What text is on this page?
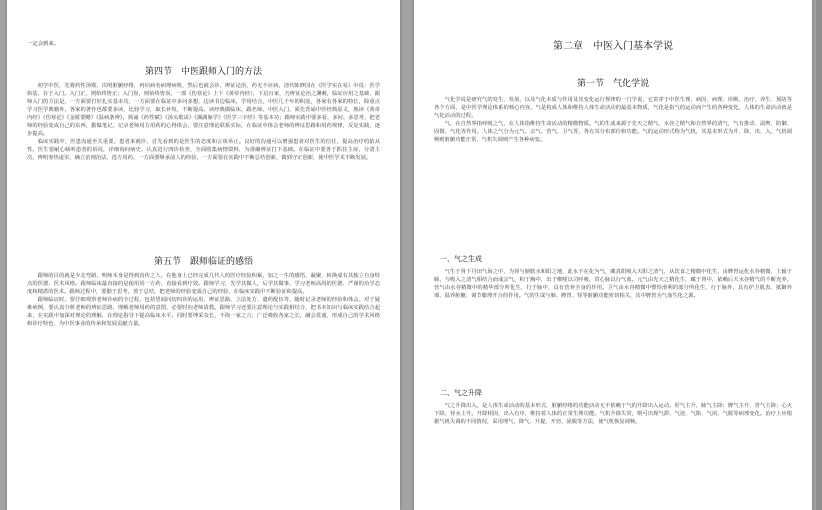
一定会到来。
第四节　中医跟师入门的方法

初学中医，先将药性汤歌、次明脏腑经络，再识病名病理病机，然后也就会诊，辨证论治，药无不应病。清代陈修园在《医学实在易》中说：医学始基，在于入门。入门正，则始终皆正；入门误，则始终皆误。一部《伤寒论》上下《黄帝内经》，下启百家，乃辨证论治之渊薮，临证应用之基础，跟师入门的方法是，一方面要打好扎实基本功，一方面要在临证中多问多想，边读书边临床，学用结合。中医几千年的积淀，各家有各家的特长，除重点学习医学典籍外，各家的著作也都要多读，比较学习，取长补短，不断提高。读经典做临床，跟名师。中医入门，须先背诵中医经典原文，熟读《黄帝内经》《伤寒论》《金匮要略》《温病条辨》，熟诵《药性赋》《汤头歌诀》《濒湖脉学》《医学三字经》等基本功；跟师实践中要多看、多问、多思考，把老师的经验变成自己的东西，勤做笔记，记录老师用方用药的心得体会，要注意理论联系实际，在临证中体会老师的辨证思路和用药规律，反复实践，逐步提高。

临床实践中，医患沟通至关重要。患者来就诊，首先看到的是医生的态度和言谈举止。良好的沟通可以增强患者对医生的信任，提高治疗的依从性。医生要耐心倾听患者的诉说，详细询问病史，认真进行四诊检查，全面收集病情资料，为准确辨证打下基础。在临证中要善于抓住主症，分清主次，辨明寒热虚实，确立治则治法，选方用药。一方面要继承前人的经验，一方面要在实践中不断总结创新，做到守正创新，使中医学术不断发展。

第五节　跟师临证的感悟

跟师的目的就是少走弯路，明师本身是得到真传之人，在他身上已经完成几代人的医疗经验积累，加之一生的感悟，凝聚、转换成有其独立自身特点的医德、医术风格。跟师临床最直接的是使用同一方药，直接看到疗效。跟师学习，先学其做人，后学其做事，学习老师高尚的医德、严谨的治学态度和精湛的医术。跟师过程中，要勤于思考，善于总结，把老师的经验变成自己的经验，在临床实践中不断验证和提高。

跟师临证时，要仔细观察老师诊病的全过程，包括望闻问切四诊的运用、辨证思路、立法处方、遣药配伍等，随时记录老师的经验和体会。对于疑难病例，要认真分析老师的辨证思路，理解老师用药的意图，必要时向老师请教。跟师学习还要注意理论与实践相结合，把书本知识与临床实践结合起来，在实践中加深对理论的理解，在理论指导下提高临床水平。同时要博采众长，不拘一家之言，广泛吸收各家之长，融会贯通，形成自己的学术风格和诊疗特色，为中医事业的传承和发展贡献力量。

第二章　中医入门基本学说
第一节　气化学说

气化学说是研究气的发生、发展，以及气化本质与作用及其变化运行规律的一门学说，它贯穿于中医生理、病因、病理、诊断、治疗、养生、预防等各个方面，是中医学理论体系的核心内容。气是构成人体和维持人体生命活动的最基本物质，气化是指气的运动而产生的各种变化，人体的生命活动就是气化活动的过程。

气，在自然界指呼吸之气，在人体指维持生命活动的精微物质。气的生成来源于先天之精气、水谷之精气和自然界的清气，气有推动、温煦、防御、固摄、气化等作用。人体之气分为元气、宗气、营气、卫气等，各有其分布部位和功能。气的运动形式称为气机，其基本形式为升、降、出、入，气机调畅则脏腑功能正常，气机失调则产生各种病变。

一、气之生成

气生于肾下丹田气海之中，为肾与膀胱水和阳之地，此水不在化为气，藏真阳吸入天阳之清气，从饮食之精微中化生，由脾胃运化水谷精微，上输于肺，与吸入之清气相结合而成宗气，积于胸中，出于喉咙以司呼吸，贯心脉以行气血。元气由先天之精化生，藏于肾中，依赖后天水谷精气的不断充养。营气由水谷精微中的精华部分所化生，行于脉中，具有营养全身的作用。卫气由水谷精微中慓悍滑利的部分所化生，行于脉外，具有护卫肌表、抵御外邪、温养脏腑、调节腠理开合的作用。气的生成与肺、脾胃、肾等脏腑功能密切相关，其中脾胃为气血生化之源。

二、气之升降

气之升降出入，是人体生命活动的基本形式，脏腑经络的功能活动无不依赖于气的升降出入运动。肝气主升，肺气主降；脾气主升，胃气主降；心火下降，肾水上升。升降相因，出入有序，维持着人体的正常生理功能。气机升降失常，则可出现气滞、气逆、气陷、气闭、气脱等病理变化。治疗上应根据气机失调的不同情况，采用理气、降气、升提、开窍、固脱等方法，使气机恢复调畅。
